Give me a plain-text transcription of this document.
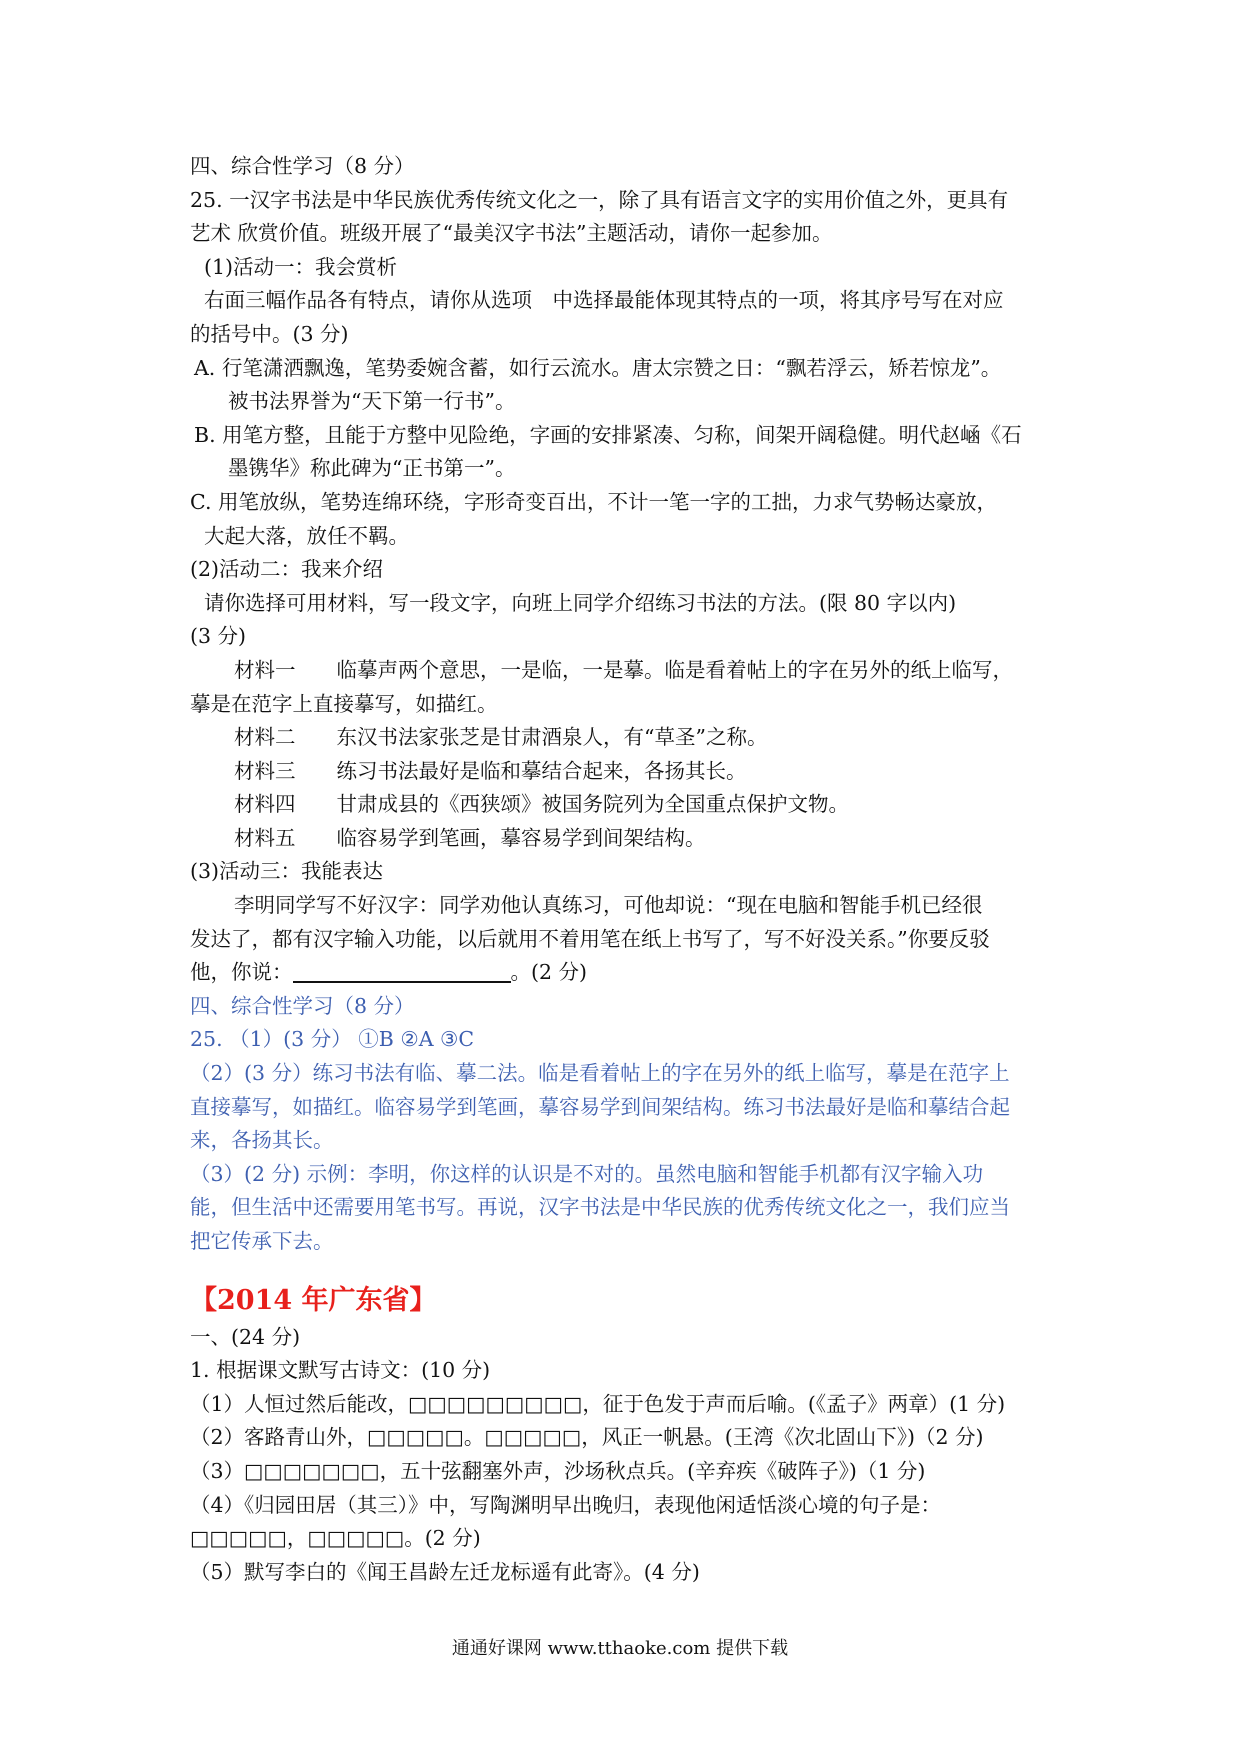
四、综合性学习（8 分）
25. 一汉字书法是中华民族优秀传统文化之一，除了具有语言文字的实用价值之外，更具有
艺术 欣赏价值。班级开展了“最美汉字书法”主题活动，请你一起参加。
(1)活动一：我会赏析
右面三幅作品各有特点，请你从选项　中选择最能体现其特点的一项，将其序号写在对应
的括号中。(3 分)
A. 行笔潇洒飘逸，笔势委婉含蓄，如行云流水。唐太宗赞之日：“飘若浮云，矫若惊龙”。
被书法界誉为“天下第一行书”。
B. 用笔方整，且能于方整中见险绝，字画的安排紧凑、匀称，间架开阔稳健。明代赵崡《石
墨镌华》称此碑为“正书第一”。
C. 用笔放纵，笔势连绵环绕，字形奇变百出，不计一笔一字的工拙，力求气势畅达豪放，
大起大落，放任不羁。
(2)活动二：我来介绍
请你选择可用材料，写一段文字，向班上同学介绍练习书法的方法。(限 80 字以内)
(3 分)
材料一　　临摹声两个意思，一是临，一是摹。临是看着帖上的字在另外的纸上临写，
摹是在范字上直接摹写，如描红。
材料二　　东汉书法家张芝是甘肃酒泉人，有“草圣”之称。
材料三　　练习书法最好是临和摹结合起来，各扬其长。
材料四　　甘肃成县的《西狭颂》被国务院列为全国重点保护文物。
材料五　　临容易学到笔画，摹容易学到间架结构。
(3)活动三：我能表达
李明同学写不好汉字：同学劝他认真练习，可他却说：“现在电脑和智能手机已经很
发达了，都有汉字输入功能，以后就用不着用笔在纸上书写了，写不好没关系。”你要反驳
他，你说：	。(2 分)
四、综合性学习（8 分）
25. （1）(3 分） ①B ②A ③C
（2）(3 分）练习书法有临、摹二法。临是看着帖上的字在另外的纸上临写，摹是在范字上
直接摹写，如描红。临容易学到笔画，摹容易学到间架结构。练习书法最好是临和摹结合起
来，各扬其长。
（3）(2 分) 示例：李明，你这样的认识是不对的。虽然电脑和智能手机都有汉字输入功
能，但生活中还需要用笔书写。再说，汉字书法是中华民族的优秀传统文化之一，我们应当
把它传承下去。
【2014 年广东省】
一、(24 分)
1. 根据课文默写古诗文：(10 分)
（1）人恒过然后能改，□□□□□□□□□，征于色发于声而后喻。(《孟子》两章）(1 分)
（2）客路青山外，□□□□□。□□□□□，风正一帆悬。(王湾《次北固山下》)（2 分)
（3）□□□□□□□，五十弦翻塞外声，沙场秋点兵。(辛弃疾《破阵子》)（1 分)
（4）《归园田居（其三）》中，写陶渊明早出晚归，表现他闲适恬淡心境的句子是：
□□□□□，□□□□□。(2 分)
（5）默写李白的《闻王昌龄左迁龙标遥有此寄》。(4 分)
通通好课网 www.tthaoke.com 提供下载
